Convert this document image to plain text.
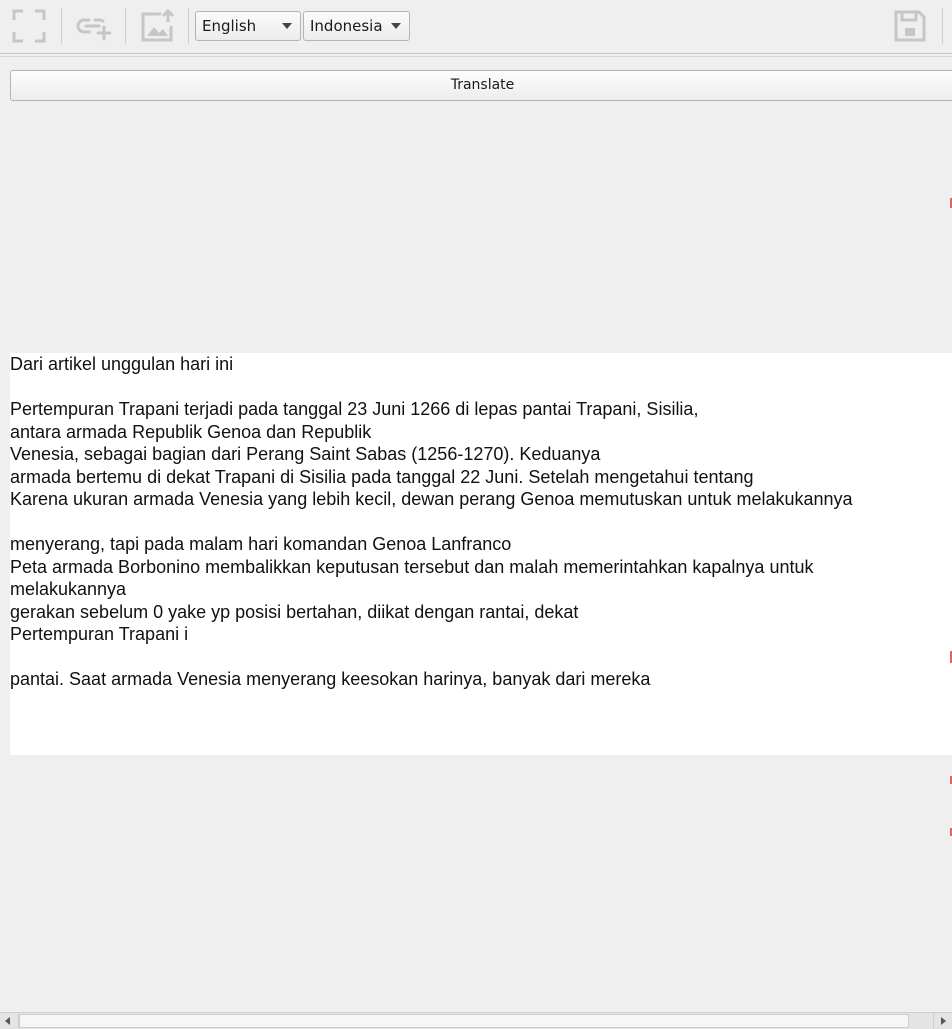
English	Indonesia
Translate
Dari artikel unggulan hari ini
Pertempuran Trapani terjadi pada tanggal 23 Juni 1266 di lepas pantai Trapani, Sisilia,
antara armada Republik Genoa dan Republik
Venesia, sebagai bagian dari Perang Saint Sabas (1256-1270). Keduanya
armada bertemu di dekat Trapani di Sisilia pada tanggal 22 Juni. Setelah mengetahui tentang
Karena ukuran armada Venesia yang lebih kecil, dewan perang Genoa memutuskan untuk melakukannya
menyerang, tapi pada malam hari komandan Genoa Lanfranco
Peta armada Borbonino membalikkan keputusan tersebut dan malah memerintahkan kapalnya untuk
melakukannya
gerakan sebelum 0 yake yp posisi bertahan, diikat dengan rantai, dekat
Pertempuran Trapani i
pantai. Saat armada Venesia menyerang keesokan harinya, banyak dari mereka
